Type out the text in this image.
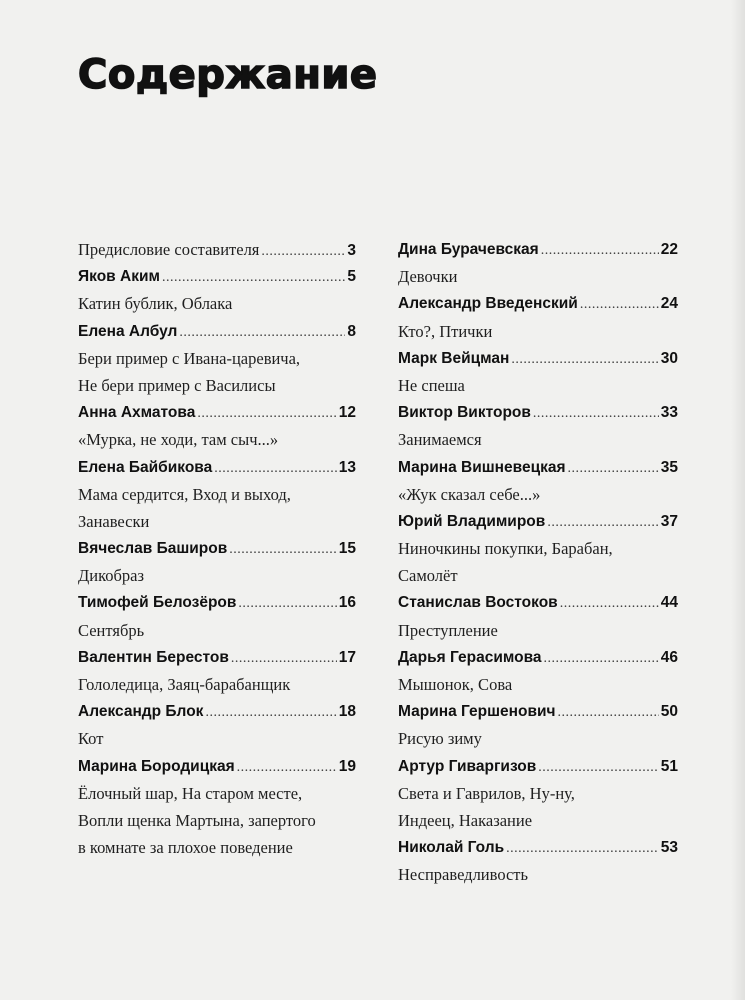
Содержание
Предисловие составителя .....	3
Яков Аким .....	5
Катин бублик, Облака
Елена Албул .....	8
Бери пример с Ивана-царевича,
Не бери пример с Василисы
Анна Ахматова .....	12
«Мурка, не ходи, там сыч...»
Елена Байбикова .....	13
Мама сердится, Вход и выход,
Занавески
Вячеслав Баширов .....	15
Дикобраз
Тимофей Белозёров .....	16
Сентябрь
Валентин Берестов .....	17
Гололедица, Заяц-барабанщик
Александр Блок .....	18
Кот
Марина Бородицкая .....	19
Ёлочный шар, На старом месте,
Вопли щенка Мартына, запертого
в комнате за плохое поведение
Дина Бурачевская .....	22
Девочки
Александр Введенский .....	24
Кто?, Птички
Марк Вейцман .....	30
Не спеша
Виктор Викторов .....	33
Занимаемся
Марина Вишневецкая .....	35
«Жук сказал себе...»
Юрий Владимиров .....	37
Ниночкины покупки, Барабан,
Самолёт
Станислав Востоков .....	44
Преступление
Дарья Герасимова .....	46
Мышонок, Сова
Марина Гершенович .....	50
Рисую зиму
Артур Гиваргизов .....	51
Света и Гаврилов, Ну-ну,
Индеец, Наказание
Николай Голь .....	53
Несправедливость
